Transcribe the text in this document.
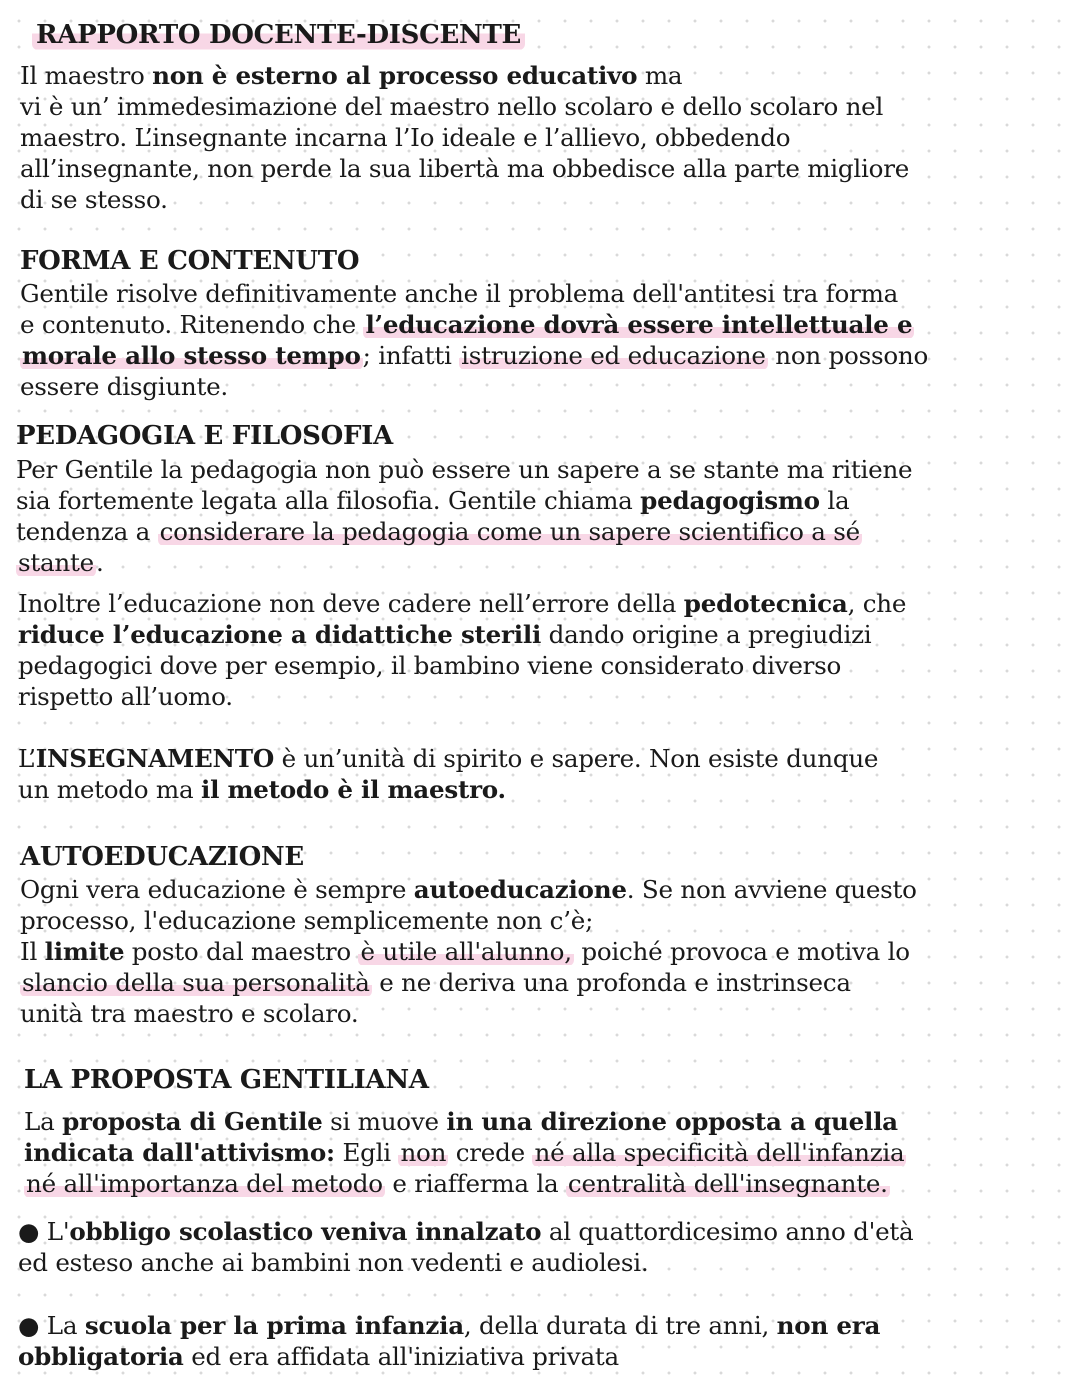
RAPPORTO DOCENTE-DISCENTE

Il maestro non è esterno al processo educativo ma
vi è un’ immedesimazione del maestro nello scolaro e dello scolaro nel
maestro. L’insegnante incarna l’Io ideale e l’allievo, obbedendo
all’insegnante, non perde la sua libertà ma obbedisce alla parte migliore
di se stesso.

FORMA E CONTENUTO

Gentile risolve definitivamente anche il problema dell'antitesi tra forma
e contenuto. Ritenendo che l’educazione dovrà essere intellettuale e
morale allo stesso tempo; infatti istruzione ed educazione non possono
essere disgiunte.

PEDAGOGIA E FILOSOFIA

Per Gentile la pedagogia non può essere un sapere a se stante ma ritiene
sia fortemente legata alla filosofia. Gentile chiama pedagogismo la
tendenza a considerare la pedagogia come un sapere scientifico a sé
stante.

Inoltre l’educazione non deve cadere nell’errore della pedotecnica, che
riduce l’educazione a didattiche sterili dando origine a pregiudizi
pedagogici dove per esempio, il bambino viene considerato diverso
rispetto all’uomo.

L’INSEGNAMENTO è un’unità di spirito e sapere. Non esiste dunque
un metodo ma il metodo è il maestro.

AUTOEDUCAZIONE

Ogni vera educazione è sempre autoeducazione. Se non avviene questo
processo, l'educazione semplicemente non c’è;
Il limite posto dal maestro è utile all'alunno, poiché provoca e motiva lo
slancio della sua personalità e ne deriva una profonda e instrinseca
unità tra maestro e scolaro.

LA PROPOSTA GENTILIANA

La proposta di Gentile si muove in una direzione opposta a quella
indicata dall'attivismo: Egli non crede né alla specificità dell'infanzia
né all'importanza del metodo e riafferma la centralità dell'insegnante.

● L'obbligo scolastico veniva innalzato al quattordicesimo anno d'età
ed esteso anche ai bambini non vedenti e audiolesi.

● La scuola per la prima infanzia, della durata di tre anni, non era
obbligatoria ed era affidata all'iniziativa privata
